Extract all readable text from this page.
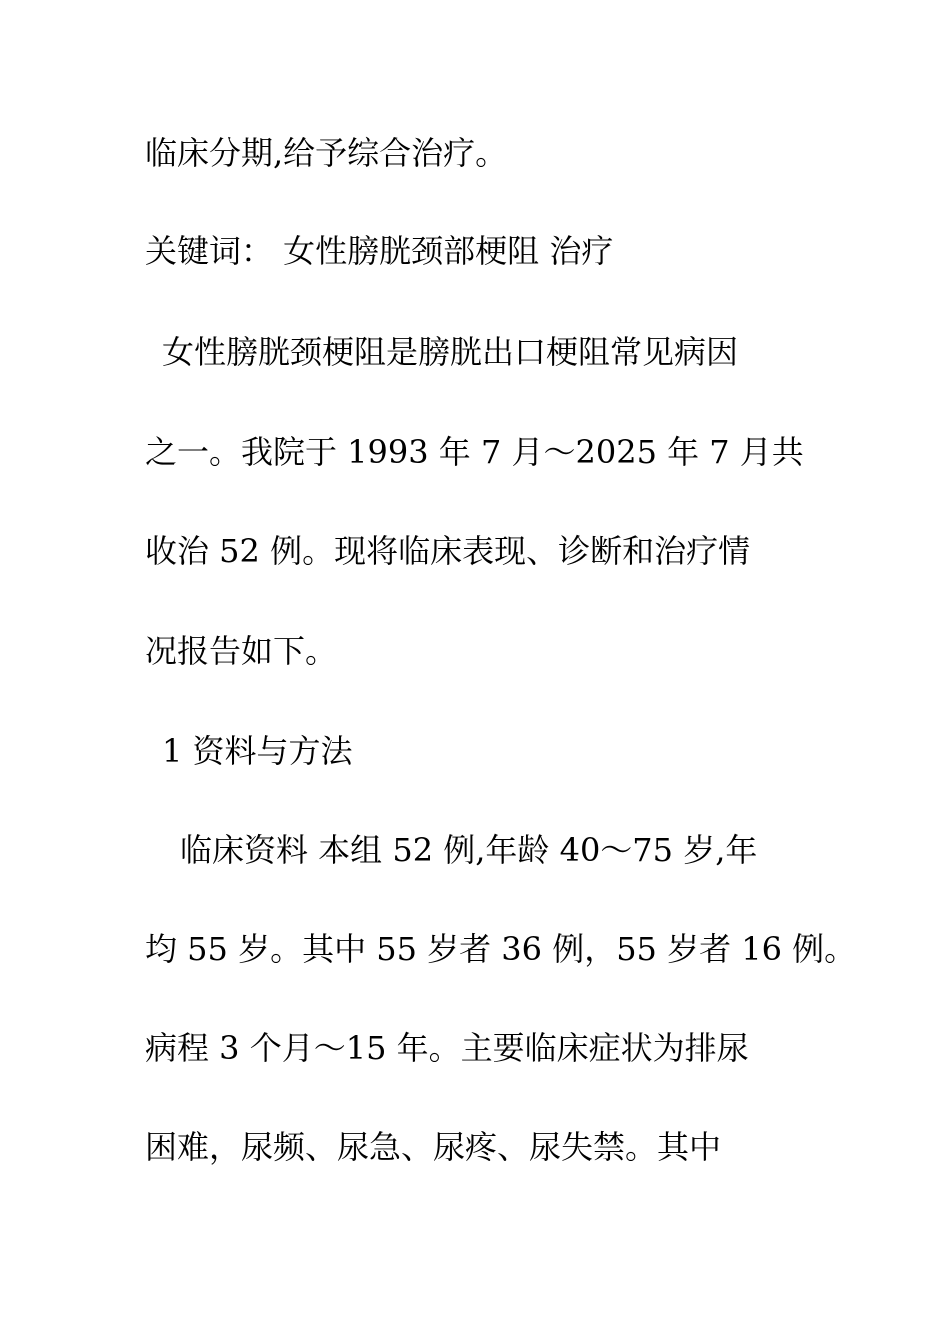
临床分期,给予综合治疗。

关键词： 女性膀胱颈部梗阻 治疗

女性膀胱颈梗阻是膀胱出口梗阻常见病因

之一。我院于 1993 年 7 月～2025 年 7 月共

收治 52 例。现将临床表现、诊断和治疗情

况报告如下。

1 资料与方法

临床资料 本组 52 例,年龄 40～75 岁,年

均 55 岁。其中 55 岁者 36 例，55 岁者 16 例。

病程 3 个月～15 年。主要临床症状为排尿

困难，尿频、尿急、尿疼、尿失禁。其中
